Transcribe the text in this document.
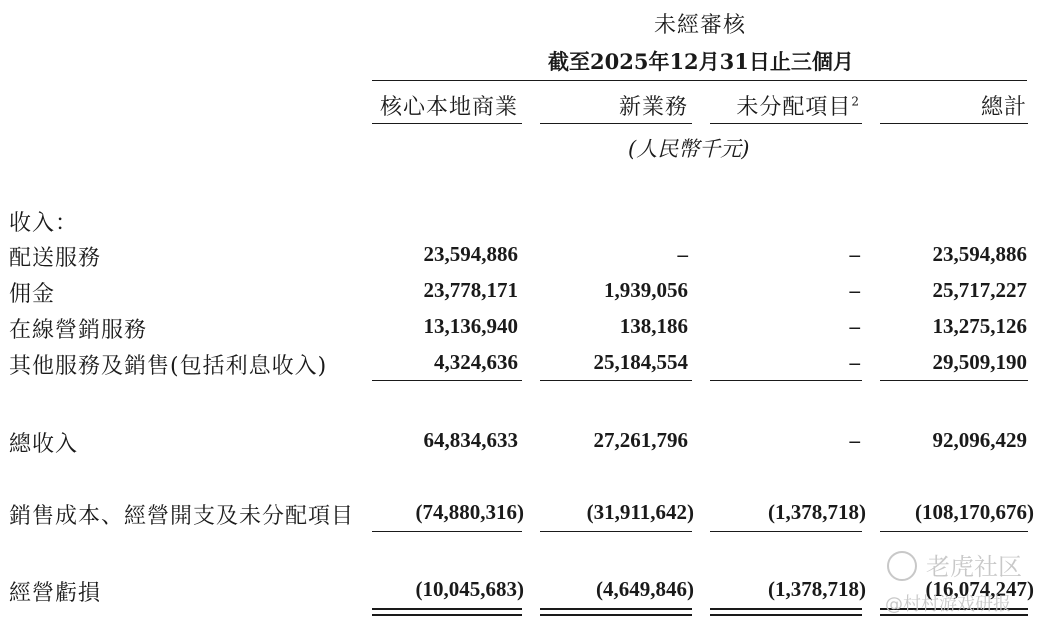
未經審核
截至2025年12月31日止三個月
核心本地商業	新業務	未分配項目$^2$	總計
(人民幣千元)
收入：
配送服務	23,594,886	–	–	23,594,886
佣金	23,778,171	1,939,056	–	25,717,227
在線營銷服務	13,136,940	138,186	–	13,275,126
其他服務及銷售(包括利息收入)	4,324,636	25,184,554	–	29,509,190
總收入	64,834,633	27,261,796	–	92,096,429
銷售成本、經營開支及未分配項目	(74,880,316)	(31,911,642)	(1,378,718)	(108,170,676)
經營虧損	(10,045,683)	(4,649,846)	(1,378,718)	(16,074,247)
老虎社区
@村村游戏研报
